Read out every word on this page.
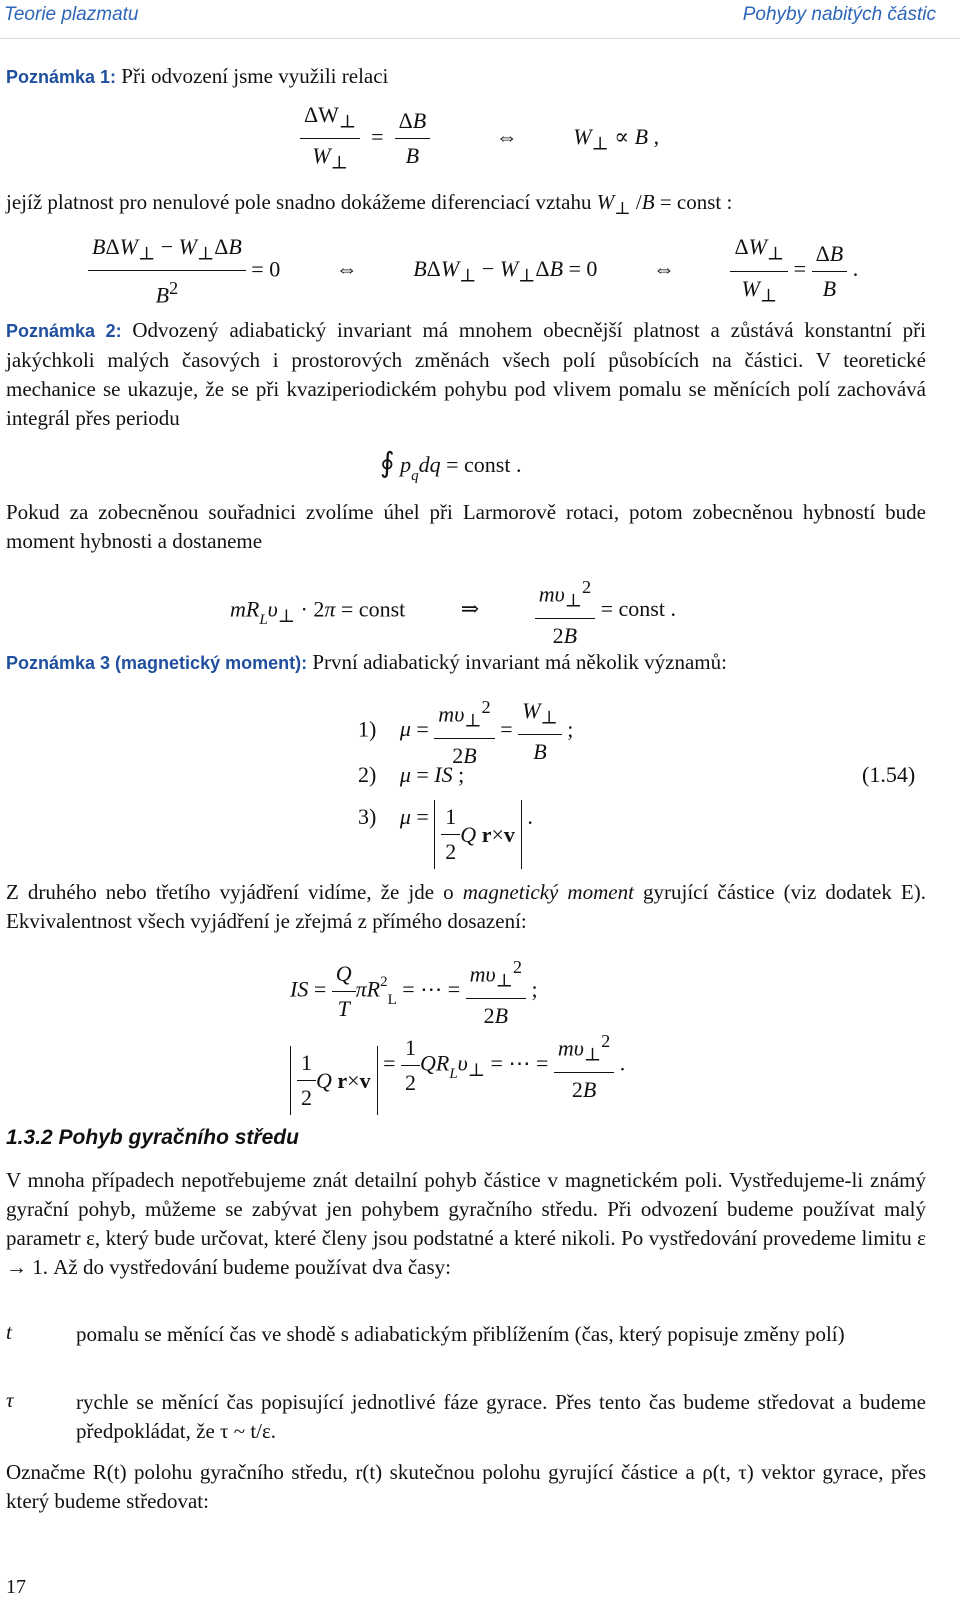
Teorie plazmatu	Pohyby nabitých částic
Poznámka 1: Při odvození jsme využili relaci
$\frac{\Delta W_\perp}{W_\perp} = \frac{\Delta B}{B}$	⇔	$W_\perp \propto B$ ,
jejíž platnost pro nenulové pole snadno dokážeme diferenciací vztahu $W_\perp$ /B = const :
$\frac{B\Delta W_\perp - W_\perp\Delta B}{B^2} = 0$ ⇔	$B\Delta W_\perp - W_\perp\Delta B = 0$	⇔	$\frac{\Delta W_\perp}{W_\perp} = \frac{\Delta B}{B}$ .
Poznámka 2: Odvozený adiabatický invariant má mnohem obecnější platnost a zůstává konstantní při jakýchkoli malých časových i prostorových změnách všech polí působících na částici. V teoretické mechanice se ukazuje, že se při kvaziperiodickém pohybu pod vlivem pomalu se měnících polí zachovává integrál přes periodu
∮ $p_qdq$ = const .
Pokud za zobecněnou souřadnici zvolíme úhel při Larmorově rotaci, potom zobecněnou hybností bude moment hybnosti a dostaneme
$mR_L\upsilon_\perp \cdot 2\pi$ = const ⇒	$\frac{m\upsilon_\perp^2}{2B}$ = const .
Poznámka 3 (magnetický moment): První adiabatický invariant má několik významů:
1) $\mu = \frac{m\upsilon_\perp^2}{2B} = \frac{W_\perp}{B}$ ;
2) μ = IS ;	(1.54)
3) $\mu = \frac{1}{2}$ Q
r × v
.
Z druhého nebo třetího vyjádření vidíme, že jde o magnetický moment gyrující částice (viz dodatek E). Ekvivalentnost všech vyjádření je zřejmá z přímého dosazení:
IS = $\frac{Q}{T} \pi R^2_L$ = ⋯ = $\frac{m\upsilon_\perp^2}{2B}$ ;
$\frac{1}{2}$ Q
r × v
= $\frac{1}{2} QR_L\upsilon_\perp$ = ⋯ = $\frac{m\upsilon_\perp^2}{2B}$ .
1.3.2 Pohyb gyračního středu
V mnoha případech nepotřebujeme znát detailní pohyb částice v magnetickém poli. Vystředujeme-li známý gyrační pohyb, můžeme se zabývat jen pohybem gyračního středu. Při odvození budeme používat malý parametr ε, který bude určovat, které členy jsou podstatné a které nikoli. Po vystředování provedeme limitu ε → 1. Až do vystředování budeme používat dva časy:
t	pomalu se měnící čas ve shodě s adiabatickým přiblížením (čas, který popisuje změny polí)
τ	rychle se měnící čas popisující jednotlivé fáze gyrace. Přes tento čas budeme středovat a budeme předpokládat, že τ ~ t/ε.
Označme R(t) polohu gyračního středu, r(t) skutečnou polohu gyrující částice a ρ(t, τ) vektor gyrace, přes který budeme středovat:
17
